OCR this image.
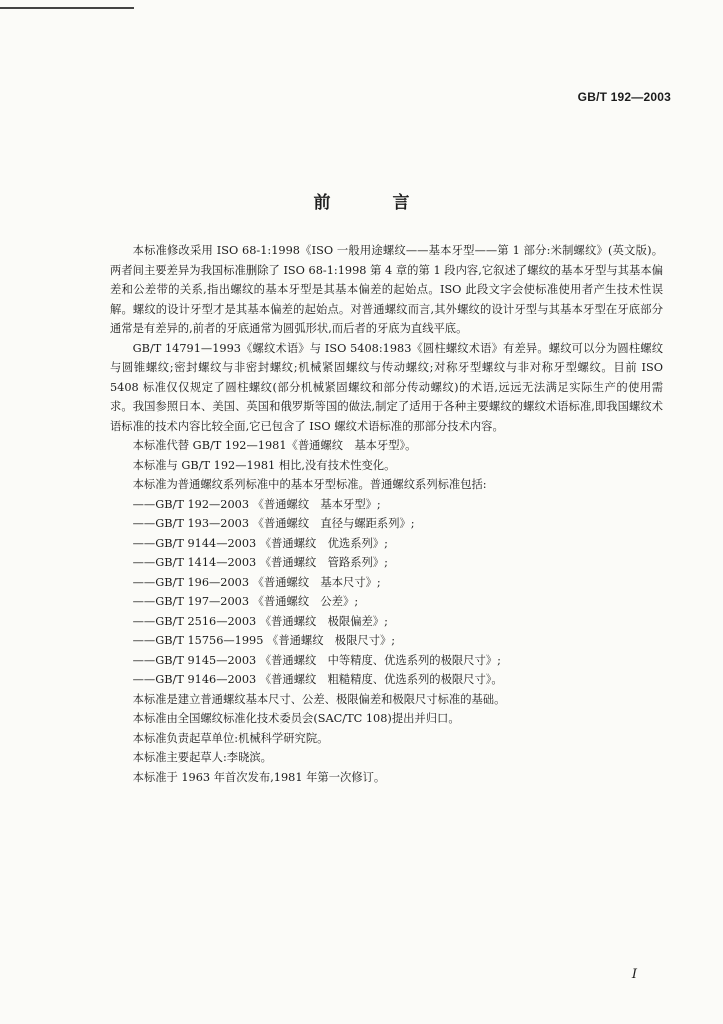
GB/T 192—2003
前 言

本标准修改采用 ISO 68-1:1998《ISO 一般用途螺纹——基本牙型——第 1 部分:米制螺纹》(英文版)。两者间主要差异为我国标准删除了 ISO 68-1:1998 第 4 章的第 1 段内容,它叙述了螺纹的基本牙型与其基本偏差和公差带的关系,指出螺纹的基本牙型是其基本偏差的起始点。ISO 此段文字会使标准使用者产生技术性误解。螺纹的设计牙型才是其基本偏差的起始点。对普通螺纹而言,其外螺纹的设计牙型与其基本牙型在牙底部分通常是有差异的,前者的牙底通常为圆弧形状,而后者的牙底为直线平底。

GB/T 14791—1993《螺纹术语》与 ISO 5408:1983《圆柱螺纹术语》有差异。螺纹可以分为圆柱螺纹与圆锥螺纹;密封螺纹与非密封螺纹;机械紧固螺纹与传动螺纹;对称牙型螺纹与非对称牙型螺纹。目前 ISO 5408 标准仅仅规定了圆柱螺纹(部分机械紧固螺纹和部分传动螺纹)的术语,远远无法满足实际生产的使用需求。我国参照日本、美国、英国和俄罗斯等国的做法,制定了适用于各种主要螺纹的螺纹术语标准,即我国螺纹术语标准的技术内容比较全面,它已包含了 ISO 螺纹术语标准的那部分技术内容。

本标准代替 GB/T 192—1981《普通螺纹　基本牙型》。

本标准与 GB/T 192—1981 相比,没有技术性变化。

本标准为普通螺纹系列标准中的基本牙型标准。普通螺纹系列标准包括:

——GB/T 192—2003 《普通螺纹　基本牙型》;

——GB/T 193—2003 《普通螺纹　直径与螺距系列》;

——GB/T 9144—2003 《普通螺纹　优选系列》;

——GB/T 1414—2003 《普通螺纹　管路系列》;

——GB/T 196—2003 《普通螺纹　基本尺寸》;

——GB/T 197—2003 《普通螺纹　公差》;

——GB/T 2516—2003 《普通螺纹　极限偏差》;

——GB/T 15756—1995 《普通螺纹　极限尺寸》;

——GB/T 9145—2003 《普通螺纹　中等精度、优选系列的极限尺寸》;

——GB/T 9146—2003 《普通螺纹　粗糙精度、优选系列的极限尺寸》。

本标准是建立普通螺纹基本尺寸、公差、极限偏差和极限尺寸标准的基础。

本标准由全国螺纹标准化技术委员会(SAC/TC 108)提出并归口。

本标准负责起草单位:机械科学研究院。

本标准主要起草人:李晓滨。

本标准于 1963 年首次发布,1981 年第一次修订。

I
